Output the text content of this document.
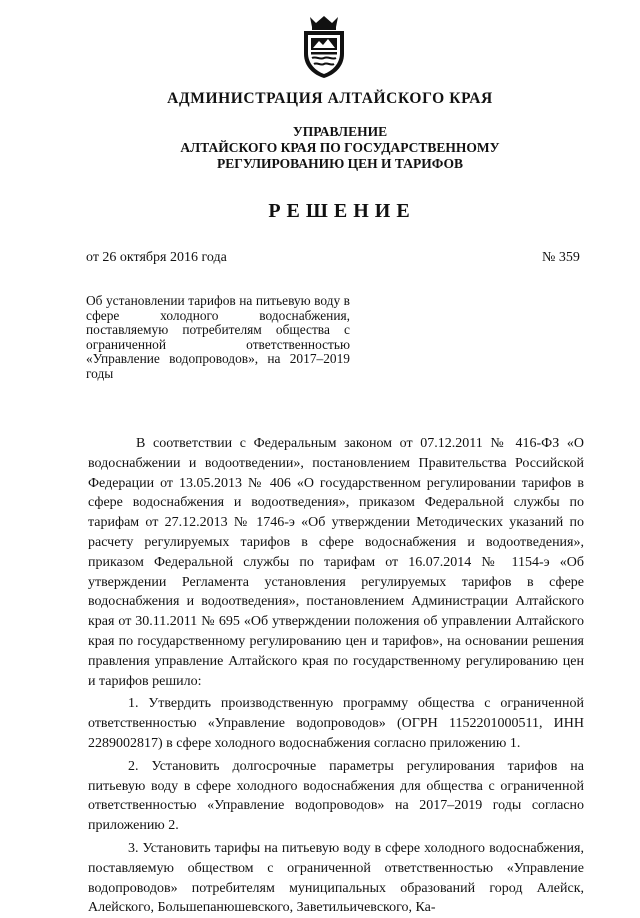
АДМИНИСТРАЦИЯ АЛТАЙСКОГО КРАЯ
УПРАВЛЕНИЕ
АЛТАЙСКОГО КРАЯ ПО ГОСУДАРСТВЕННОМУ
РЕГУЛИРОВАНИЮ ЦЕН И ТАРИФОВ
РЕШЕНИЕ
от 26 октября 2016 года	№ 359
Об установлении тарифов на питьевую воду в сфере холодного водоснабжения, поставляемую потребителям общества с ограниченной ответственностью «Управление водопроводов», на 2017–2019 годы

В соответствии с Федеральным законом от 07.12.2011 № 416-ФЗ «О водоснабжении и водоотведении», постановлением Правительства Российской Федерации от 13.05.2013 № 406 «О государственном регулировании тарифов в сфере водоснабжения и водоотведения», приказом Федеральной службы по тарифам от 27.12.2013 № 1746-э «Об утверждении Методических указаний по расчету регулируемых тарифов в сфере водоснабжения и водоотведения», приказом Федеральной службы по тарифам от 16.07.2014 № 1154-э «Об утверждении Регламента установления регулируемых тарифов в сфере водоснабжения и водоотведения», постановлением Администрации Алтайского края от 30.11.2011 № 695 «Об утверждении положения об управлении Алтайского края по государственному регулированию цен и тарифов», на основании решения правления управление Алтайского края по государственному регулированию цен и тарифов решило:

1. Утвердить производственную программу общества с ограниченной ответственностью «Управление водопроводов» (ОГРН 1152201000511, ИНН 2289002817) в сфере холодного водоснабжения согласно приложению 1.

2. Установить долгосрочные параметры регулирования тарифов на питьевую воду в сфере холодного водоснабжения для общества с ограниченной ответственностью «Управление водопроводов» на 2017–2019 годы согласно приложению 2.

3. Установить тарифы на питьевую воду в сфере холодного водоснабжения, поставляемую обществом с ограниченной ответственностью «Управление водопроводов» потребителям муниципальных образований город Алейск, Алейского, Большепанюшевского, Заветильичевского, Ка-
